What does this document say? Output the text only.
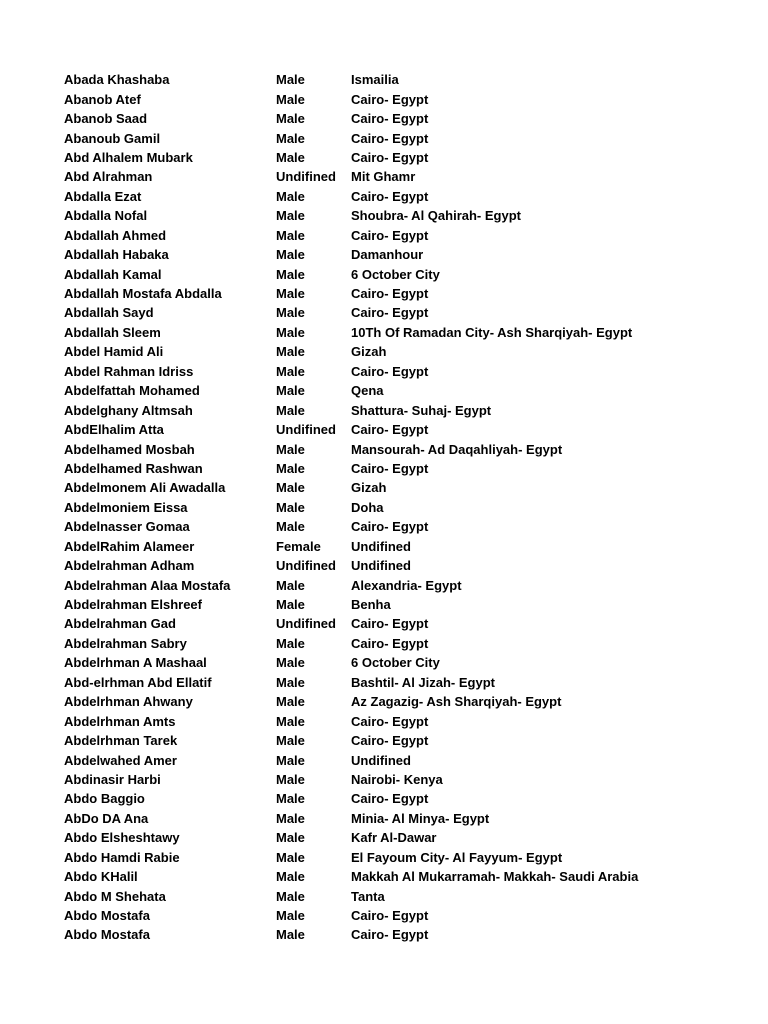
Abada Khashaba	Male	Ismailia
Abanob Atef	Male	Cairo- Egypt
Abanob Saad	Male	Cairo- Egypt
Abanoub Gamil	Male	Cairo- Egypt
Abd Alhalem Mubark	Male	Cairo- Egypt
Abd Alrahman	Undifined	Mit Ghamr
Abdalla Ezat	Male	Cairo- Egypt
Abdalla Nofal	Male	Shoubra- Al Qahirah- Egypt
Abdallah Ahmed	Male	Cairo- Egypt
Abdallah Habaka	Male	Damanhour
Abdallah Kamal	Male	6 October City
Abdallah Mostafa Abdalla	Male	Cairo- Egypt
Abdallah Sayd	Male	Cairo- Egypt
Abdallah Sleem	Male	10Th Of Ramadan City- Ash Sharqiyah- Egypt
Abdel Hamid Ali	Male	Gizah
Abdel Rahman Idriss	Male	Cairo- Egypt
Abdelfattah Mohamed	Male	Qena
Abdelghany Altmsah	Male	Shattura- Suhaj- Egypt
AbdElhalim Atta	Undifined	Cairo- Egypt
Abdelhamed Mosbah	Male	Mansourah- Ad Daqahliyah- Egypt
Abdelhamed Rashwan	Male	Cairo- Egypt
Abdelmonem Ali Awadalla	Male	Gizah
Abdelmoniem Eissa	Male	Doha
Abdelnasser Gomaa	Male	Cairo- Egypt
AbdelRahim Alameer	Female	Undifined
Abdelrahman Adham	Undifined	Undifined
Abdelrahman Alaa Mostafa	Male	Alexandria- Egypt
Abdelrahman Elshreef	Male	Benha
Abdelrahman Gad	Undifined	Cairo- Egypt
Abdelrahman Sabry	Male	Cairo- Egypt
Abdelrhman A Mashaal	Male	6 October City
Abd-elrhman Abd Ellatif	Male	Bashtil- Al Jizah- Egypt
Abdelrhman Ahwany	Male	Az Zagazig- Ash Sharqiyah- Egypt
Abdelrhman Amts	Male	Cairo- Egypt
Abdelrhman Tarek	Male	Cairo- Egypt
Abdelwahed Amer	Male	Undifined
Abdinasir Harbi	Male	Nairobi- Kenya
Abdo Baggio	Male	Cairo- Egypt
AbDo DA Ana	Male	Minia- Al Minya- Egypt
Abdo Elsheshtawy	Male	Kafr Al-Dawar
Abdo Hamdi Rabie	Male	El Fayoum City- Al Fayyum- Egypt
Abdo KHalil	Male	Makkah Al Mukarramah- Makkah- Saudi Arabia
Abdo M Shehata	Male	Tanta
Abdo Mostafa	Male	Cairo- Egypt
Abdo Mostafa	Male	Cairo- Egypt
